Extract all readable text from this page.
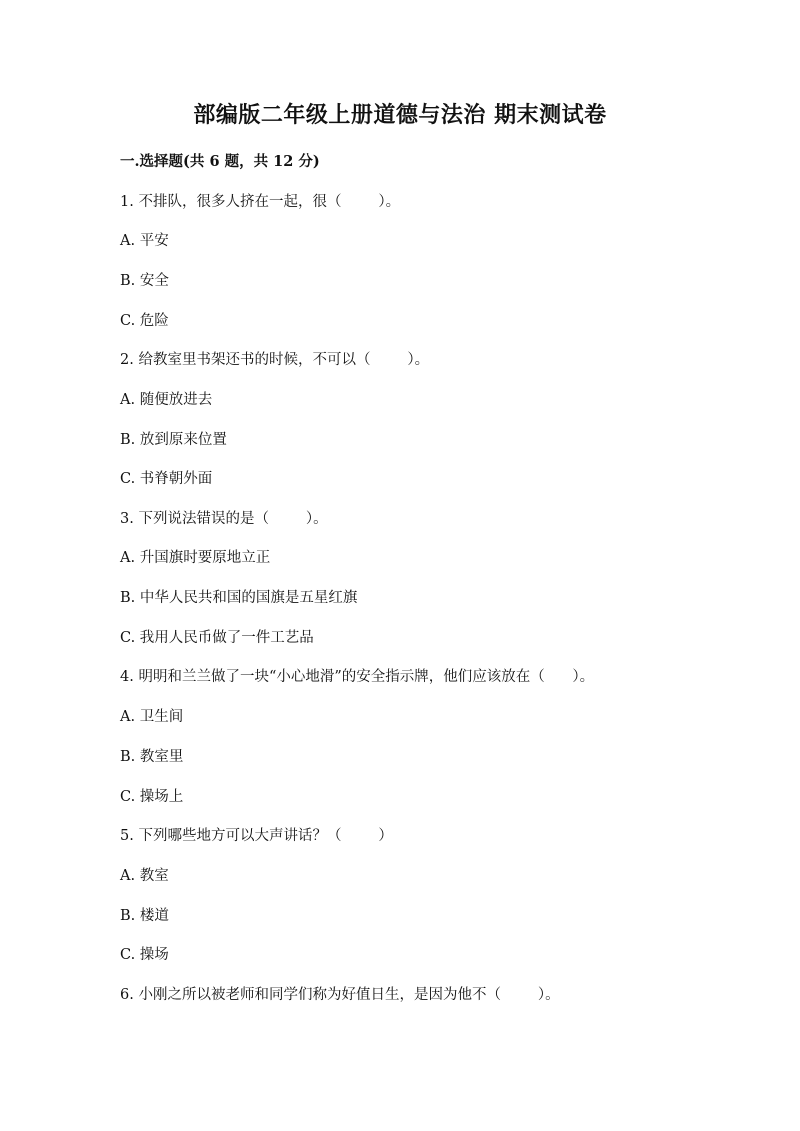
部编版二年级上册道德与法治 期末测试卷
一.选择题(共 6 题，共 12 分)
1. 不排队，很多人挤在一起，很（        ）。
A. 平安
B. 安全
C. 危险
2. 给教室里书架还书的时候，不可以（        ）。
A. 随便放进去
B. 放到原来位置
C. 书脊朝外面
3. 下列说法错误的是（        ）。
A. 升国旗时要原地立正
B. 中华人民共和国的国旗是五星红旗
C. 我用人民币做了一件工艺品
4. 明明和兰兰做了一块“小心地滑”的安全指示牌，他们应该放在（      ）。
A. 卫生间
B. 教室里
C. 操场上
5. 下列哪些地方可以大声讲话？（        ）
A. 教室
B. 楼道
C. 操场
6. 小刚之所以被老师和同学们称为好值日生，是因为他不（        ）。
